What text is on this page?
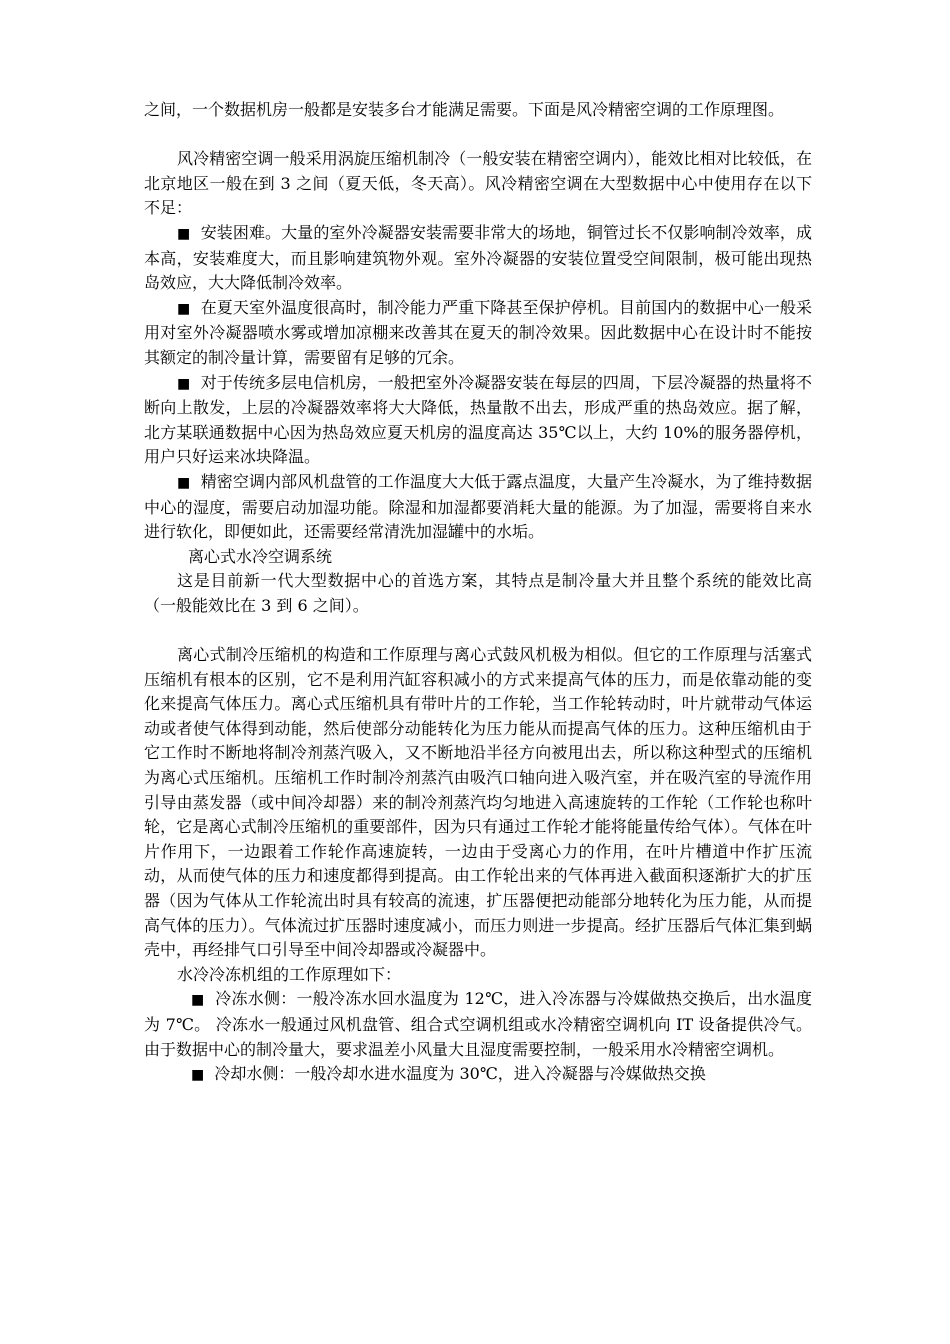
之间，一个数据机房一般都是安装多台才能满足需要。下面是风冷精密空调的工作原理图。

风冷精密空调一般采用涡旋压缩机制冷（一般安装在精密空调内），能效比相对比较低，在北京地区一般在到 3 之间（夏天低，冬天高）。风冷精密空调在大型数据中心中使用存在以下不足：

■ 安装困难。大量的室外冷凝器安装需要非常大的场地，铜管过长不仅影响制冷效率，成本高，安装难度大，而且影响建筑物外观。室外冷凝器的安装位置受空间限制，极可能出现热岛效应，大大降低制冷效率。

■ 在夏天室外温度很高时，制冷能力严重下降甚至保护停机。目前国内的数据中心一般采用对室外冷凝器喷水雾或增加凉棚来改善其在夏天的制冷效果。因此数据中心在设计时不能按其额定的制冷量计算，需要留有足够的冗余。

■ 对于传统多层电信机房，一般把室外冷凝器安装在每层的四周，下层冷凝器的热量将不断向上散发，上层的冷凝器效率将大大降低，热量散不出去，形成严重的热岛效应。据了解，北方某联通数据中心因为热岛效应夏天机房的温度高达 35℃以上，大约 10%的服务器停机，用户只好运来冰块降温。

■ 精密空调内部风机盘管的工作温度大大低于露点温度，大量产生冷凝水，为了维持数据中心的湿度，需要启动加湿功能。除湿和加湿都要消耗大量的能源。为了加湿，需要将自来水进行软化，即便如此，还需要经常清洗加湿罐中的水垢。

离心式水冷空调系统

这是目前新一代大型数据中心的首选方案，其特点是制冷量大并且整个系统的能效比高（一般能效比在 3 到 6 之间）。

离心式制冷压缩机的构造和工作原理与离心式鼓风机极为相似。但它的工作原理与活塞式压缩机有根本的区别，它不是利用汽缸容积减小的方式来提高气体的压力，而是依靠动能的变化来提高气体压力。离心式压缩机具有带叶片的工作轮，当工作轮转动时，叶片就带动气体运动或者使气体得到动能，然后使部分动能转化为压力能从而提高气体的压力。这种压缩机由于它工作时不断地将制冷剂蒸汽吸入，又不断地沿半径方向被甩出去，所以称这种型式的压缩机为离心式压缩机。压缩机工作时制冷剂蒸汽由吸汽口轴向进入吸汽室，并在吸汽室的导流作用引导由蒸发器（或中间冷却器）来的制冷剂蒸汽均匀地进入高速旋转的工作轮（工作轮也称叶轮，它是离心式制冷压缩机的重要部件，因为只有通过工作轮才能将能量传给气体）。气体在叶片作用下，一边跟着工作轮作高速旋转，一边由于受离心力的作用，在叶片槽道中作扩压流动，从而使气体的压力和速度都得到提高。由工作轮出来的气体再进入截面积逐渐扩大的扩压器（因为气体从工作轮流出时具有较高的流速，扩压器便把动能部分地转化为压力能，从而提高气体的压力）。气体流过扩压器时速度减小，而压力则进一步提高。经扩压器后气体汇集到蜗壳中，再经排气口引导至中间冷却器或冷凝器中。

水冷冷冻机组的工作原理如下：

■ 冷冻水侧：一般冷冻水回水温度为 12℃，进入冷冻器与冷媒做热交换后，出水温度为 7℃。 冷冻水一般通过风机盘管、组合式空调机组或水冷精密空调机向 IT 设备提供冷气。由于数据中心的制冷量大，要求温差小风量大且湿度需要控制，一般采用水冷精密空调机。

■ 冷却水侧：一般冷却水进水温度为 30℃，进入冷凝器与冷媒做热交换
